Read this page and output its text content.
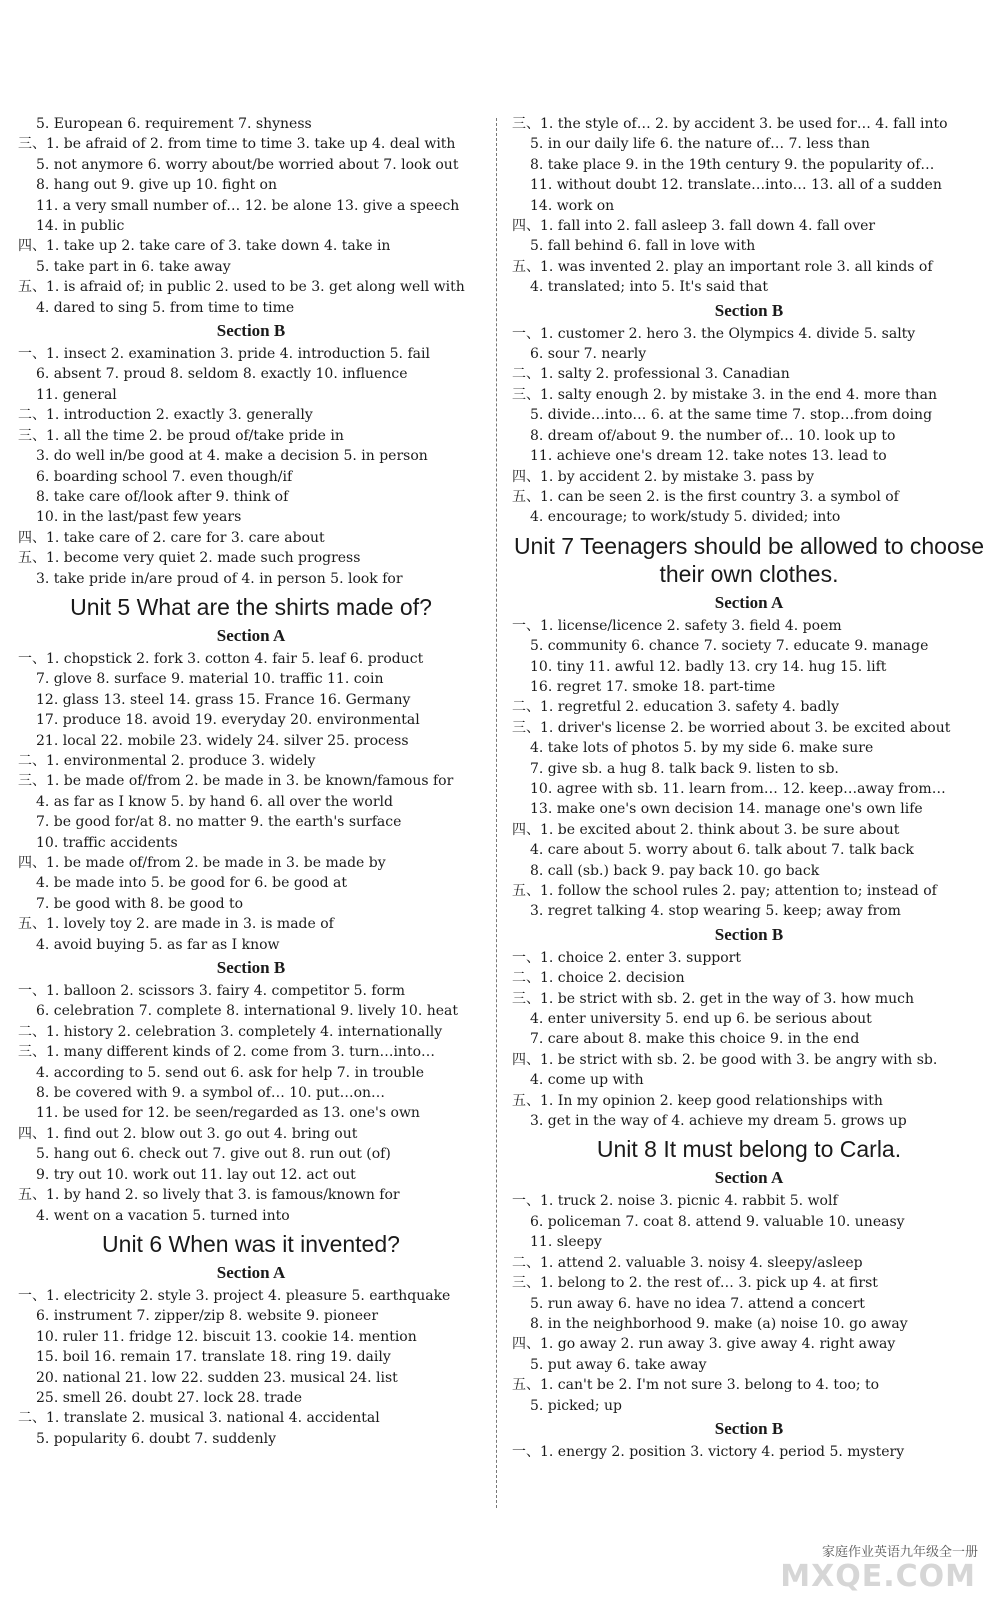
5. European 6. requirement 7. shyness
三、1. be afraid of 2. from time to time 3. take up 4. deal with
5. not anymore 6. worry about/be worried about 7. look out
8. hang out 9. give up 10. fight on
11. a very small number of… 12. be alone 13. give a speech
14. in public
四、1. take up 2. take care of 3. take down 4. take in
5. take part in 6. take away
五、1. is afraid of; in public 2. used to be 3. get along well with
4. dared to sing 5. from time to time
Section B
一、1. insect 2. examination 3. pride 4. introduction 5. fail
6. absent 7. proud 8. seldom 8. exactly 10. influence
11. general
二、1. introduction 2. exactly 3. generally
三、1. all the time 2. be proud of/take pride in
3. do well in/be good at 4. make a decision 5. in person
6. boarding school 7. even though/if
8. take care of/look after 9. think of
10. in the last/past few years
四、1. take care of 2. care for 3. care about
五、1. become very quiet 2. made such progress
3. take pride in/are proud of 4. in person 5. look for
Unit 5 What are the shirts made of?
Section A
一、1. chopstick 2. fork 3. cotton 4. fair 5. leaf 6. product
7. glove 8. surface 9. material 10. traffic 11. coin
12. glass 13. steel 14. grass 15. France 16. Germany
17. produce 18. avoid 19. everyday 20. environmental
21. local 22. mobile 23. widely 24. silver 25. process
二、1. environmental 2. produce 3. widely
三、1. be made of/from 2. be made in 3. be known/famous for
4. as far as I know 5. by hand 6. all over the world
7. be good for/at 8. no matter 9. the earth's surface
10. traffic accidents
四、1. be made of/from 2. be made in 3. be made by
4. be made into 5. be good for 6. be good at
7. be good with 8. be good to
五、1. lovely toy 2. are made in 3. is made of
4. avoid buying 5. as far as I know
Section B
一、1. balloon 2. scissors 3. fairy 4. competitor 5. form
6. celebration 7. complete 8. international 9. lively 10. heat
二、1. history 2. celebration 3. completely 4. internationally
三、1. many different kinds of 2. come from 3. turn…into…
4. according to 5. send out 6. ask for help 7. in trouble
8. be covered with 9. a symbol of… 10. put…on…
11. be used for 12. be seen/regarded as 13. one's own
四、1. find out 2. blow out 3. go out 4. bring out
5. hang out 6. check out 7. give out 8. run out (of)
9. try out 10. work out 11. lay out 12. act out
五、1. by hand 2. so lively that 3. is famous/known for
4. went on a vacation 5. turned into
Unit 6 When was it invented?
Section A
一、1. electricity 2. style 3. project 4. pleasure 5. earthquake
6. instrument 7. zipper/zip 8. website 9. pioneer
10. ruler 11. fridge 12. biscuit 13. cookie 14. mention
15. boil 16. remain 17. translate 18. ring 19. daily
20. national 21. low 22. sudden 23. musical 24. list
25. smell 26. doubt 27. lock 28. trade
二、1. translate 2. musical 3. national 4. accidental
5. popularity 6. doubt 7. suddenly
三、1. the style of… 2. by accident 3. be used for… 4. fall into
5. in our daily life 6. the nature of… 7. less than
8. take place 9. in the 19th century 9. the popularity of…
11. without doubt 12. translate…into… 13. all of a sudden
14. work on
四、1. fall into 2. fall asleep 3. fall down 4. fall over
5. fall behind 6. fall in love with
五、1. was invented 2. play an important role 3. all kinds of
4. translated; into 5. It's said that
Section B
一、1. customer 2. hero 3. the Olympics 4. divide 5. salty
6. sour 7. nearly
二、1. salty 2. professional 3. Canadian
三、1. salty enough 2. by mistake 3. in the end 4. more than
5. divide…into… 6. at the same time 7. stop…from doing
8. dream of/about 9. the number of… 10. look up to
11. achieve one's dream 12. take notes 13. lead to
四、1. by accident 2. by mistake 3. pass by
五、1. can be seen 2. is the first country 3. a symbol of
4. encourage; to work/study 5. divided; into
Unit 7 Teenagers should be allowed to choose their own clothes.
Section A
一、1. license/licence 2. safety 3. field 4. poem
5. community 6. chance 7. society 7. educate 9. manage
10. tiny 11. awful 12. badly 13. cry 14. hug 15. lift
16. regret 17. smoke 18. part-time
二、1. regretful 2. education 3. safety 4. badly
三、1. driver's license 2. be worried about 3. be excited about
4. take lots of photos 5. by my side 6. make sure
7. give sb. a hug 8. talk back 9. listen to sb.
10. agree with sb. 11. learn from… 12. keep…away from…
13. make one's own decision 14. manage one's own life
四、1. be excited about 2. think about 3. be sure about
4. care about 5. worry about 6. talk about 7. talk back
8. call (sb.) back 9. pay back 10. go back
五、1. follow the school rules 2. pay; attention to; instead of
3. regret talking 4. stop wearing 5. keep; away from
Section B
一、1. choice 2. enter 3. support
二、1. choice 2. decision
三、1. be strict with sb. 2. get in the way of 3. how much
4. enter university 5. end up 6. be serious about
7. care about 8. make this choice 9. in the end
四、1. be strict with sb. 2. be good with 3. be angry with sb.
4. come up with
五、1. In my opinion 2. keep good relationships with
3. get in the way of 4. achieve my dream 5. grows up
Unit 8 It must belong to Carla.
Section A
一、1. truck 2. noise 3. picnic 4. rabbit 5. wolf
6. policeman 7. coat 8. attend 9. valuable 10. uneasy
11. sleepy
二、1. attend 2. valuable 3. noisy 4. sleepy/asleep
三、1. belong to 2. the rest of… 3. pick up 4. at first
5. run away 6. have no idea 7. attend a concert
8. in the neighborhood 9. make (a) noise 10. go away
四、1. go away 2. run away 3. give away 4. right away
5. put away 6. take away
五、1. can't be 2. I'm not sure 3. belong to 4. too; to
5. picked; up
Section B
一、1. energy 2. position 3. victory 4. period 5. mystery
家庭作业英语九年级全一册
MXQE.COM
